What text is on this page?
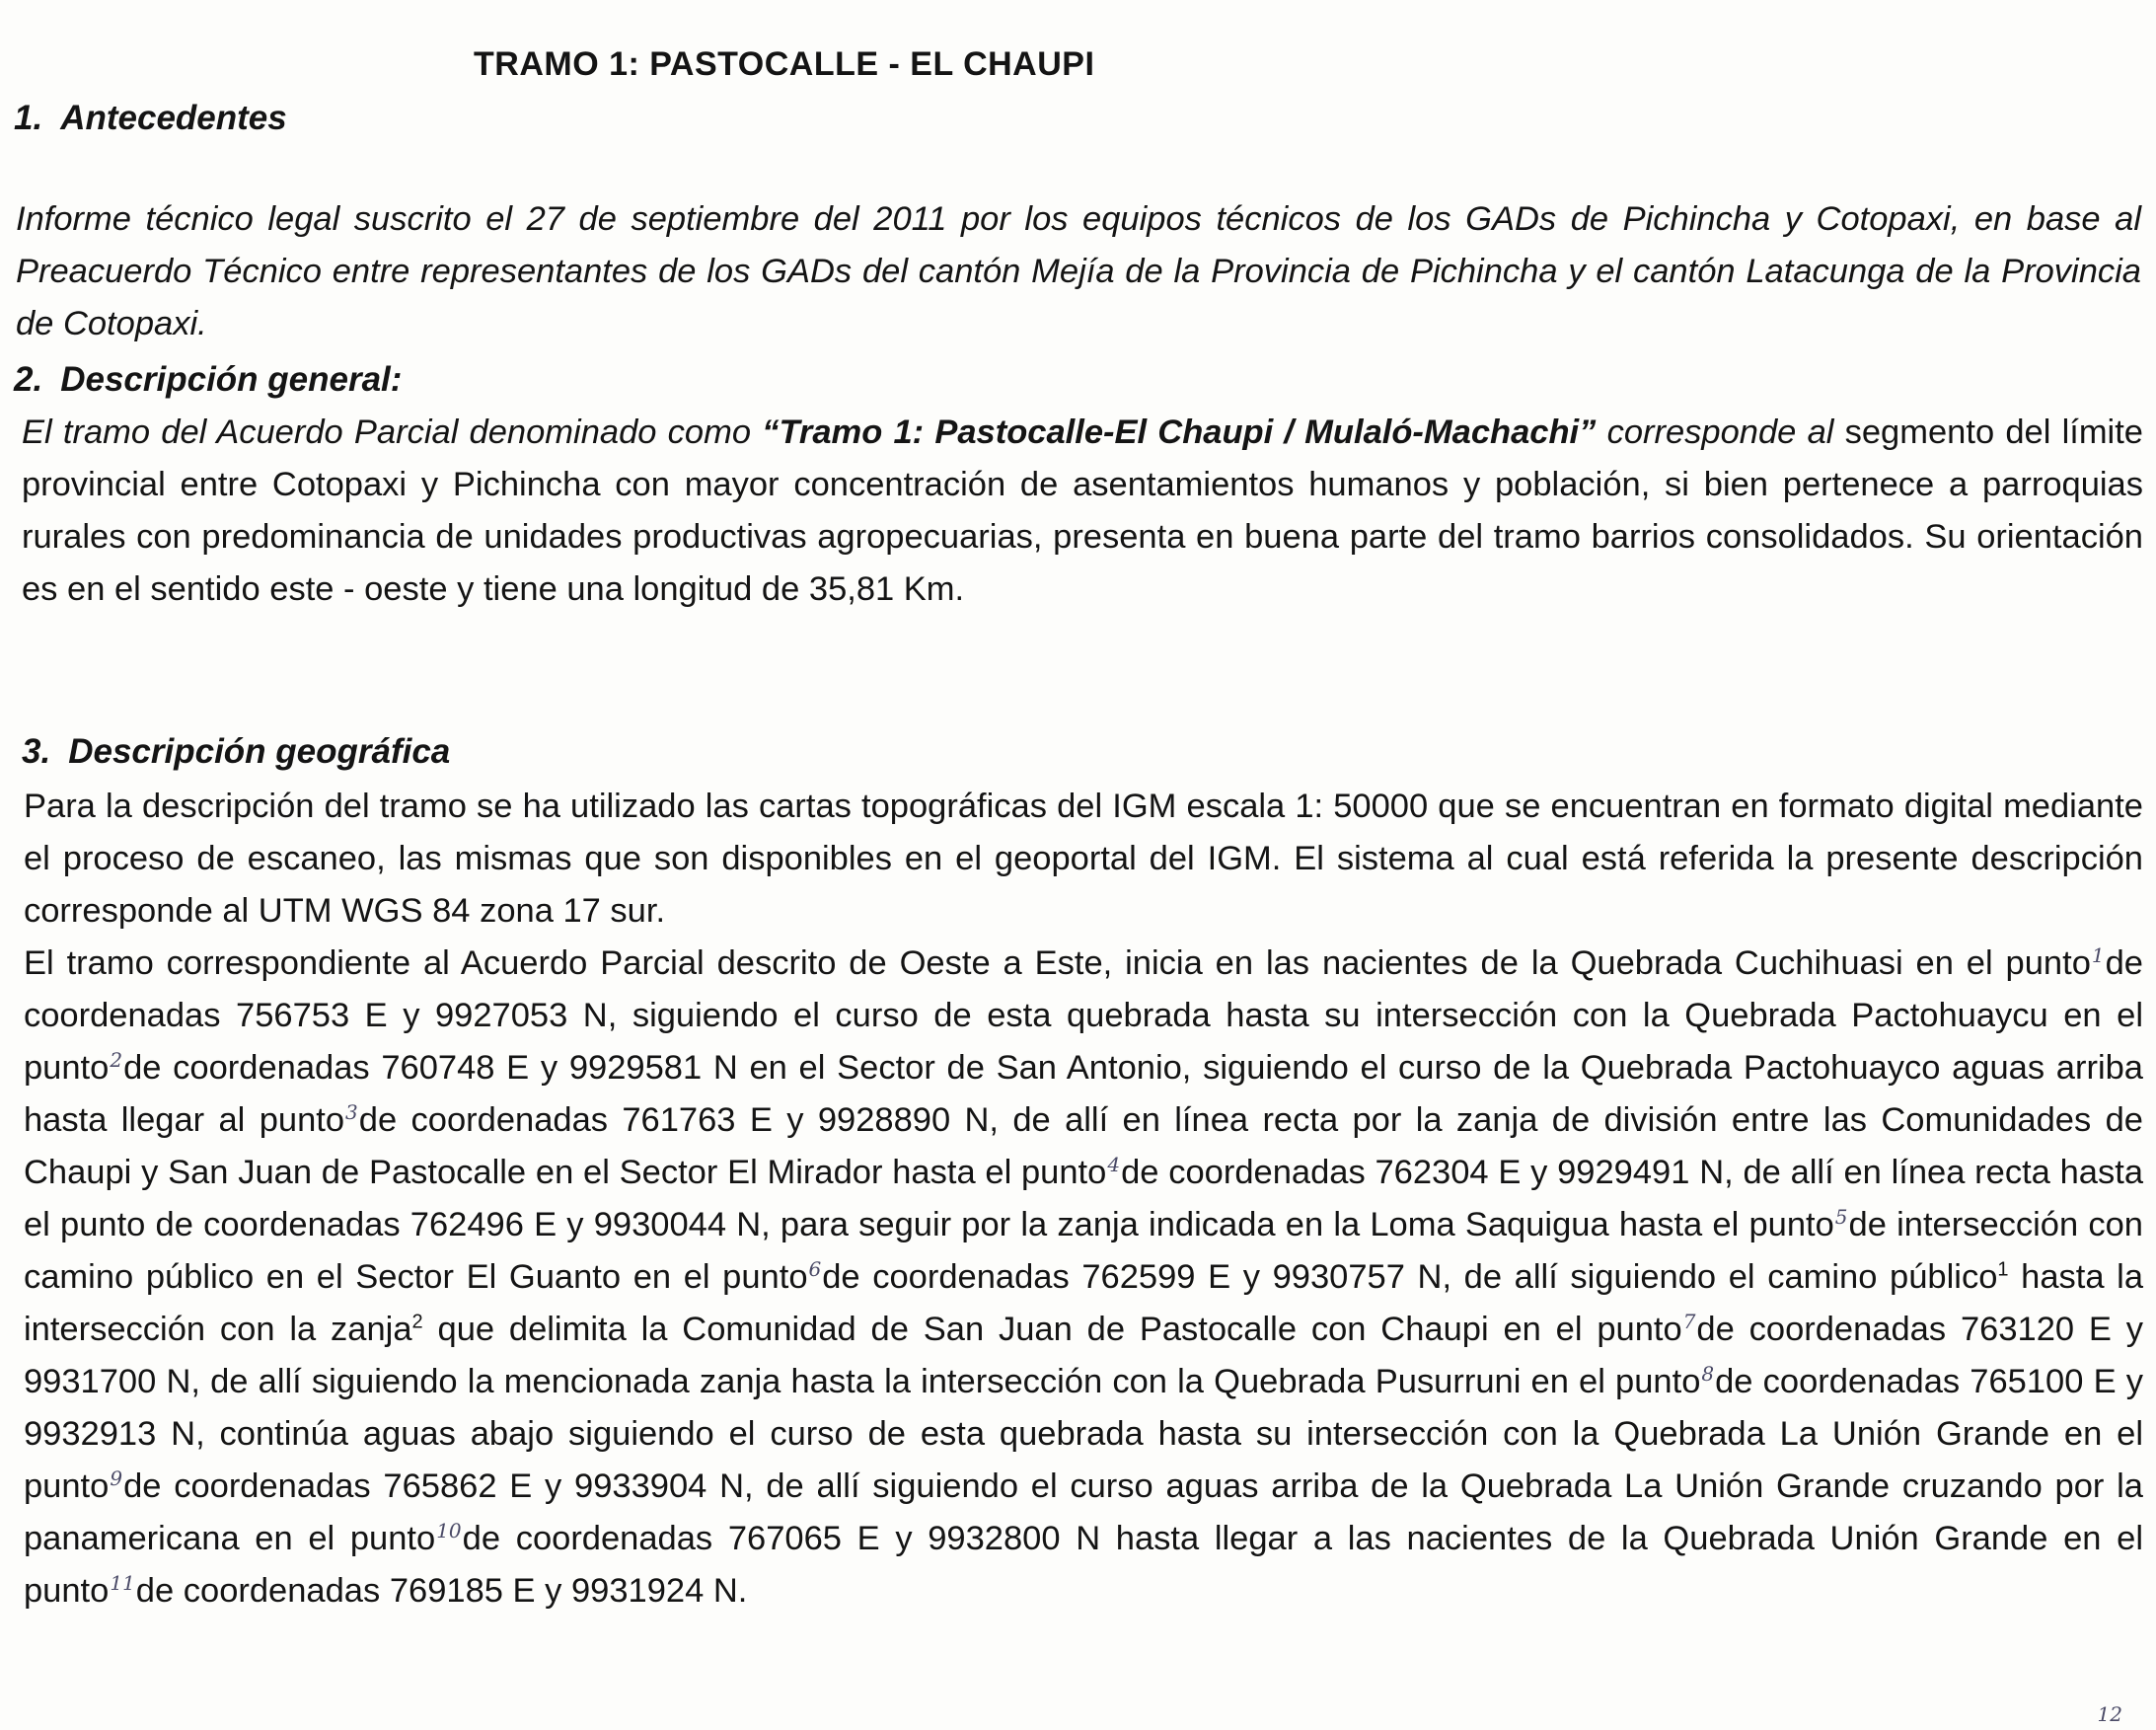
TRAMO 1: PASTOCALLE - EL CHAUPI
1. Antecedentes

Informe técnico legal suscrito el 27 de septiembre del 2011 por los equipos técnicos de los GADs de Pichincha y Cotopaxi, en base al Preacuerdo Técnico entre representantes de los GADs del cantón Mejía de la Provincia de Pichincha y el cantón Latacunga de la Provincia de Cotopaxi.

2. Descripción general:

El tramo del Acuerdo Parcial denominado como “Tramo 1: Pastocalle-El Chaupi / Mulaló-Machachi” corresponde al segmento del límite provincial entre Cotopaxi y Pichincha con mayor concentración de asentamientos humanos y población, si bien pertenece a parroquias rurales con predominancia de unidades productivas agropecuarias, presenta en buena parte del tramo barrios consolidados. Su orientación es en el sentido este - oeste y tiene una longitud de 35,81 Km.

3. Descripción geográfica

Para la descripción del tramo se ha utilizado las cartas topográficas del IGM escala 1: 50000 que se encuentran en formato digital mediante el proceso de escaneo, las mismas que son disponibles en el geoportal del IGM. El sistema al cual está referida la presente descripción corresponde al UTM WGS 84 zona 17 sur.

El tramo correspondiente al Acuerdo Parcial descrito de Oeste a Este, inicia en las nacientes de la Quebrada Cuchihuasi en el punto$^1$de coordenadas 756753 E y 9927053 N, siguiendo el curso de esta quebrada hasta su intersección con la Quebrada Pactohuaycu en el punto$^2$de coordenadas 760748 E y 9929581 N en el Sector de San Antonio, siguiendo el curso de la Quebrada Pactohuayco aguas arriba hasta llegar al punto$^3$de coordenadas 761763 E y 9928890 N, de allí en línea recta por la zanja de división entre las Comunidades de Chaupi y San Juan de Pastocalle en el Sector El Mirador hasta el punto$^4$de coordenadas 762304 E y 9929491 N, de allí en línea recta hasta el punto de coordenadas 762496 E y 9930044 N, para seguir por la zanja indicada en la Loma Saquigua hasta el punto$^5$de intersección con camino público en el Sector El Guanto en el punto$^6$de coordenadas 762599 E y 9930757 N, de allí siguiendo el camino público$^1$ hasta la intersección con la zanja$^2$ que delimita la Comunidad de San Juan de Pastocalle con Chaupi en el punto$^7$de coordenadas 763120 E y 9931700 N, de allí siguiendo la mencionada zanja hasta la intersección con la Quebrada Pusurruni en el punto$^8$de coordenadas 765100 E y 9932913 N, continúa aguas abajo siguiendo el curso de esta quebrada hasta su intersección con la Quebrada La Unión Grande en el punto$^9$de coordenadas 765862 E y 9933904 N, de allí siguiendo el curso aguas arriba de la Quebrada La Unión Grande cruzando por la panamericana en el punto$^{10}$de coordenadas 767065 E y 9932800 N hasta llegar a las nacientes de la Quebrada Unión Grande en el punto$^{11}$de coordenadas 769185 E y 9931924 N.

12
